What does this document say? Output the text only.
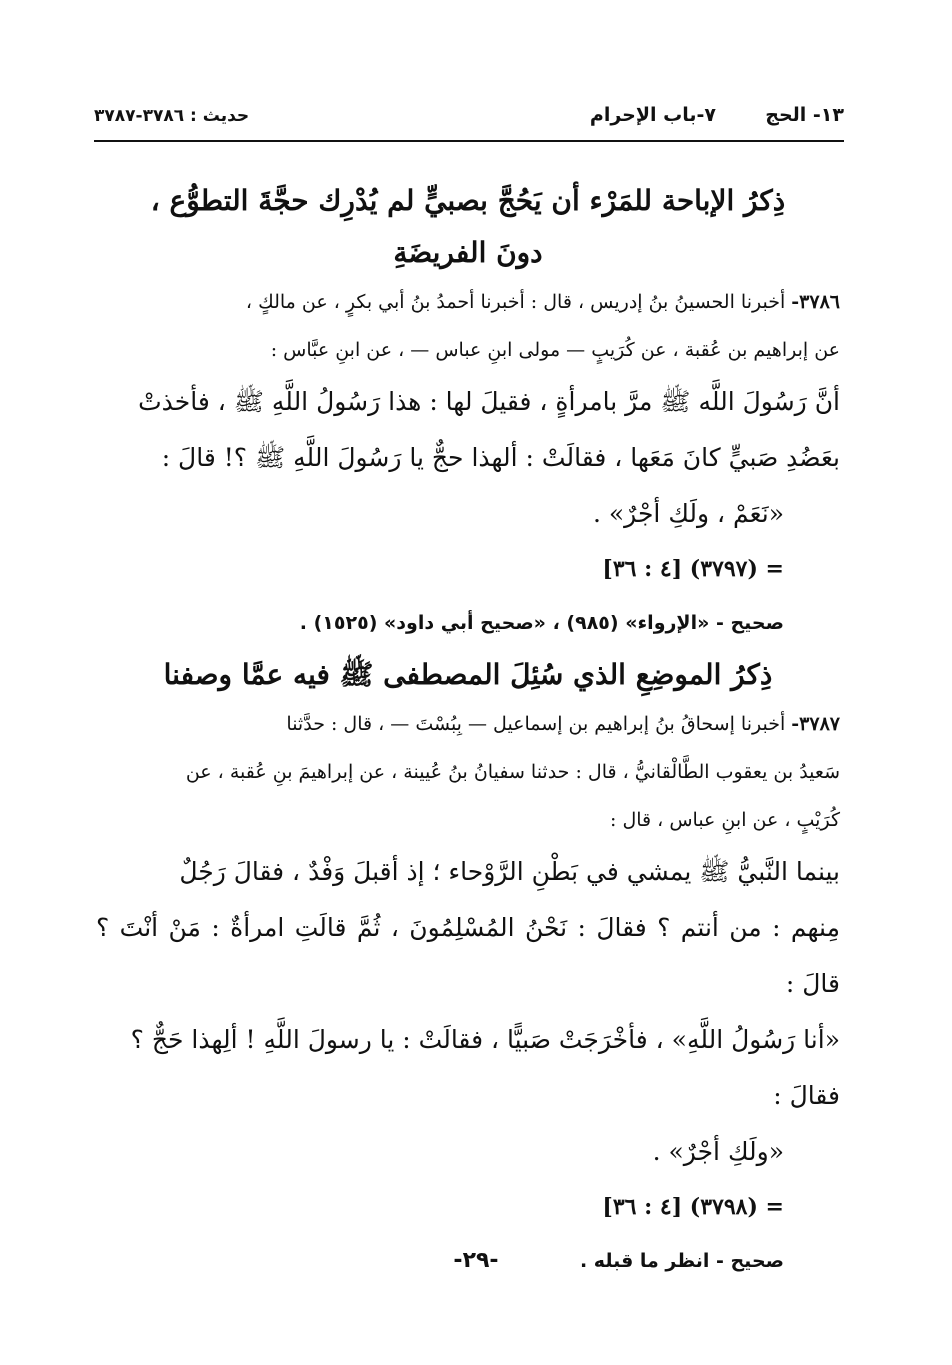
١٣- الحج
٧-باب الإحرام
حديث : ٣٧٨٦-٣٧٨٧

ذِكرُ الإباحة للمَرْء أن يَحُجَّ بصبيٍّ لم يُدْرِك حجَّةَ التطوُّع ،

دونَ الفريضَةِ

٣٧٨٦- أخبرنا الحسينُ بنُ إدريس ، قال : أخبرنا أحمدُ بنُ أبي بكرٍ ، عن مالكٍ ،

عن إبراهيم بن عُقبة ، عن كُرَيبٍ — مولى ابنِ عباس — ، عن ابنِ عبَّاس :

أنَّ رَسُولَ اللَّه ﷺ مرَّ بامرأةٍ ، فقيلَ لها : هذا رَسُولُ اللَّهِ ﷺ ، فأخذتْ

بعَضُدِ صَبيٍّ كانَ مَعَها ، فقالَتْ : ألهذا حجٌّ يا رَسُولَ اللَّهِ ﷺ ؟! قالَ :

«نَعَمْ ، ولَكِ أجْرٌ» .

= (٣٧٩٧) [٤ : ٣٦]

صحيح - «الإرواء» (٩٨٥) ، «صحيح أبي داود» (١٥٢٥) .

ذِكرُ الموضِعِ الذي سُئِلَ المصطفى ﷺ فيه عمَّا وصفنا

٣٧٨٧- أخبرنا إسحاقُ بنُ إبراهيم بن إسماعيل — بِبُسْتَ — ، قال : حدَّثنا

سَعيدُ بن يعقوب الطَّالْقانيُّ ، قال : حدثنا سفيانُ بنُ عُيينة ، عن إبراهيمَ بنِ عُقبة ، عن

كُرَيْبٍ ، عن ابنِ عباس ، قال :

بينما النَّبيُّ ﷺ يمشي في بَطْنِ الرَّوْحاء ؛ إذ أقبلَ وَفْدٌ ، فقالَ رَجُلٌ

مِنهم : من أنتم ؟ فقالَ : نَحْنُ المُسْلِمُونَ ، ثُمَّ قالَتِ امرأةٌ : مَنْ أنْتَ ؟ قالَ :

«أنا رَسُولُ اللَّهِ» ، فأخْرَجَتْ صَبيًّا ، فقالَتْ : يا رسولَ اللَّهِ ! ألِهذا حَجٌّ ؟

فقالَ :

«ولَكِ أجْرٌ» .

= (٣٧٩٨) [٤ : ٣٦]

صحيح - انظر ما قبله .

-٢٩-
